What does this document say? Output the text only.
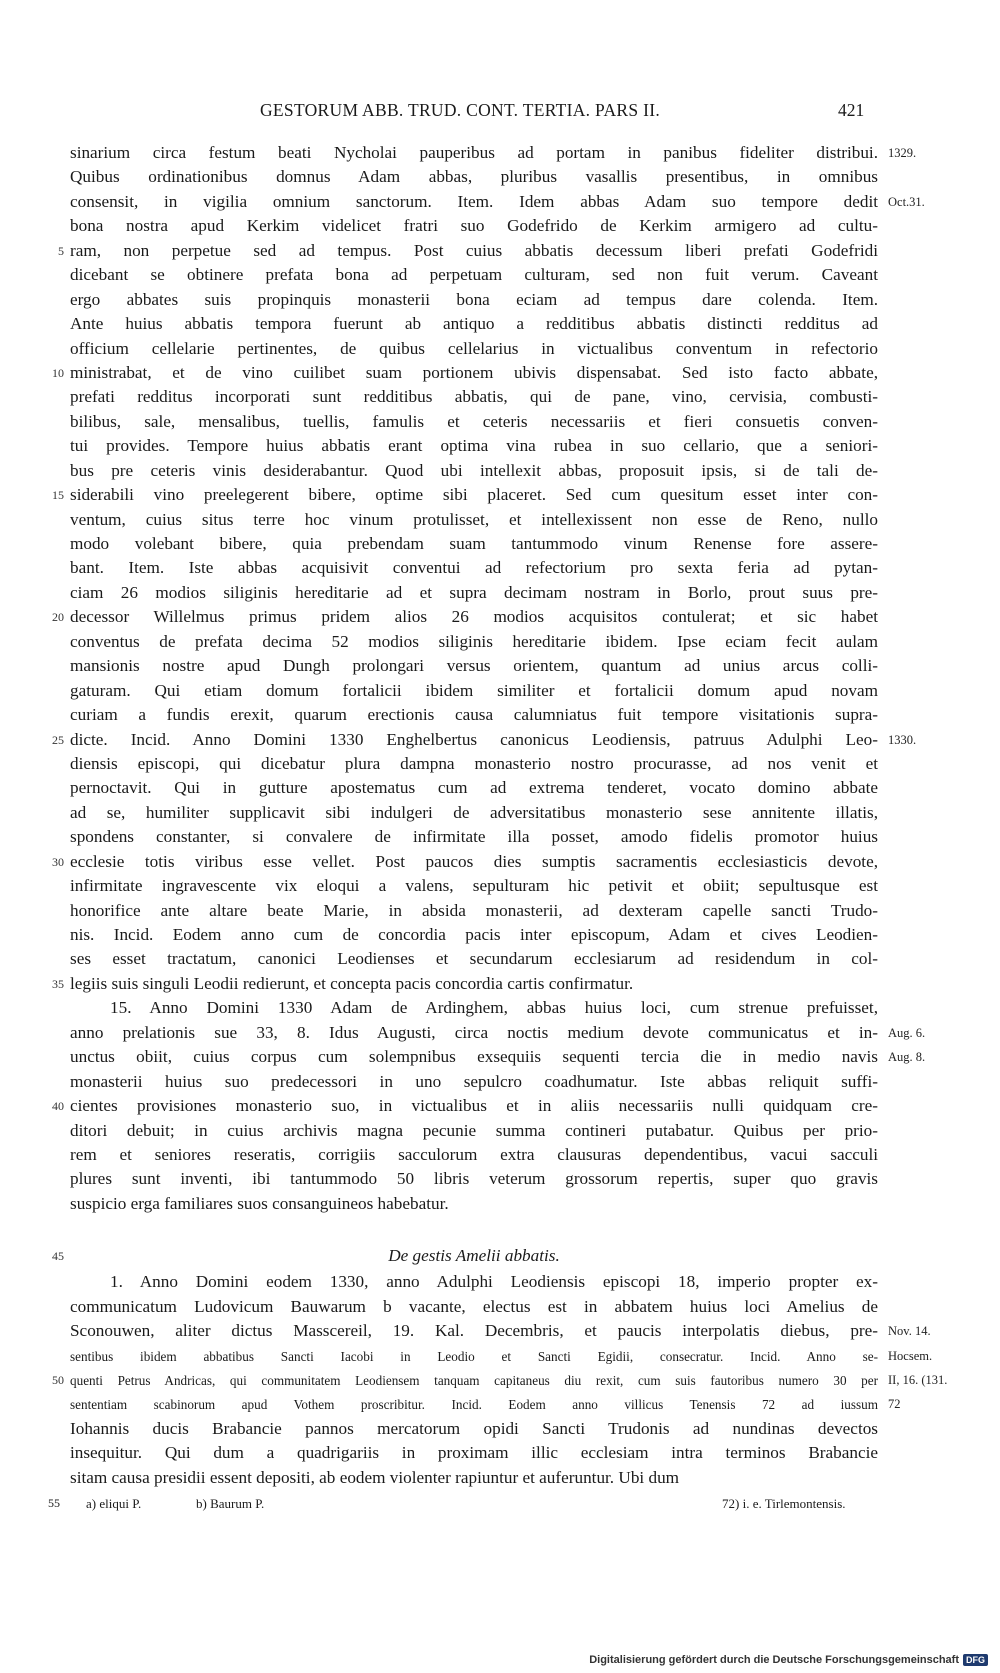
GESTORUM ABB. TRUD. CONT. TERTIA. PARS II.	421
sinarium circa festum beati Nycholai pauperibus ad portam in panibus fideliter distribui. 1329.
Quibus ordinationibus domnus Adam abbas, pluribus vasallis presentibus, in omnibus
consensit, in vigilia omnium sanctorum. Item. Idem abbas Adam suo tempore dedit Oct.31.
bona nostra apud Kerkim videlicet fratri suo Godefrido de Kerkim armigero ad cultu-
5 ram, non perpetue sed ad tempus. Post cuius abbatis decessum liberi prefati Godefridi
dicebant se obtinere prefata bona ad perpetuam culturam, sed non fuit verum. Caveant
ergo abbates suis propinquis monasterii bona eciam ad tempus dare colenda. Item.
Ante huius abbatis tempora fuerunt ab antiquo a redditibus abbatis distincti redditus ad
officium cellelarie pertinentes, de quibus cellelarius in victualibus conventum in refectorio
10 ministrabat, et de vino cuilibet suam portionem ubivis dispensabat. Sed isto facto abbate,
prefati redditus incorporati sunt redditibus abbatis, qui de pane, vino, cervisia, combusti-
bilibus, sale, mensalibus, tuellis, famulis et ceteris necessariis et fieri consuetis conven-
tui provides. Tempore huius abbatis erant optima vina rubea in suo cellario, que a seniori-
bus pre ceteris vinis desiderabantur. Quod ubi intellexit abbas, proposuit ipsis, si de tali de-
15 siderabili vino preelegerent bibere, optime sibi placeret. Sed cum quesitum esset inter con-
ventum, cuius situs terre hoc vinum protulisset, et intellexissent non esse de Reno, nullo
modo volebant bibere, quia prebendam suam tantummodo vinum Renense fore assere-
bant. Item. Iste abbas acquisivit conventui ad refectorium pro sexta feria ad pytan-
ciam 26 modios siliginis hereditarie ad et supra decimam nostram in Borlo, prout suus pre-
20 decessor Willelmus primus pridem alios 26 modios acquisitos contulerat; et sic habet
conventus de prefata decima 52 modios siliginis hereditarie ibidem. Ipse eciam fecit aulam
mansionis nostre apud Dungh prolongari versus orientem, quantum ad unius arcus colli-
gaturam. Qui etiam domum fortalicii ibidem similiter et fortalicii domum apud novam
curiam a fundis erexit, quarum erectionis causa calumniatus fuit tempore visitationis supra-
25 dicte. Incid. Anno Domini 1330 Enghelbertus canonicus Leodiensis, patruus Adulphi Leo- 1330.
diensis episcopi, qui dicebatur plura dampna monasterio nostro procurasse, ad nos venit et
pernoctavit. Qui in gutture apostematus cum ad extrema tenderet, vocato domino abbate
ad se, humiliter supplicavit sibi indulgeri de adversitatibus monasterio sese annitente illatis,
spondens constanter, si convalere de infirmitate illa posset, amodo fidelis promotor huius
30 ecclesie totis viribus esse vellet. Post paucos dies sumptis sacramentis ecclesiasticis devote,
infirmitate ingravescente vix eloqui a valens, sepulturam hic petivit et obiit; sepultusque est
honorifice ante altare beate Marie, in absida monasterii, ad dexteram capelle sancti Trudo-
nis. Incid. Eodem anno cum de concordia pacis inter episcopum, Adam et cives Leodien-
ses esset tractatum, canonici Leodienses et secundarum ecclesiarum ad residendum in col-
35 legiis suis singuli Leodii redierunt, et concepta pacis concordia cartis confirmatur.
15. Anno Domini 1330 Adam de Ardinghem, abbas huius loci, cum strenue prefuisset,
anno prelationis sue 33, 8. Idus Augusti, circa noctis medium devote communicatus et in- Aug. 6.
unctus obiit, cuius corpus cum solempnibus exsequiis sequenti tercia die in medio navis Aug. 8.
monasterii huius suo predecessori in uno sepulcro coadhumatur. Iste abbas reliquit suffi-
40 cientes provisiones monasterio suo, in victualibus et in aliis necessariis nulli quidquam cre-
ditori debuit; in cuius archivis magna pecunie summa contineri putabatur. Quibus per prio-
rem et seniores reseratis, corrigiis sacculorum extra clausuras dependentibus, vacui sacculi
plures sunt inventi, ibi tantummodo 50 libris veterum grossorum repertis, super quo gravis
suspicio erga familiares suos consanguineos habebatur.
45	De gestis Amelii abbatis.
1. Anno Domini eodem 1330, anno Adulphi Leodiensis episcopi 18, imperio propter ex-
communicatum Ludovicum Bauwarum b vacante, electus est in abbatem huius loci Amelius de
Sconouwen, aliter dictus Masscereil, 19. Kal. Decembris, et paucis interpolatis diebus, pre- Nov. 14.
sentibus ibidem abbatibus Sancti Iacobi in Leodio et Sancti Egidii, consecratur. Incid. Anno se- Hocsem.
50 quenti Petrus Andricas, qui communitatem Leodiensem tanquam capitaneus diu rexit, cum suis fautoribus numero 30 per II, 16. (131.
sententiam scabinorum apud Vothem proscribitur. Incid. Eodem anno villicus Tenensis 72 ad iussum 72
Iohannis ducis Brabancie pannos mercatorum opidi Sancti Trudonis ad nundinas devectos
insequitur. Qui dum a quadrigariis in proximam illic ecclesiam intra terminos Brabancie
sitam causa presidii essent depositi, ab eodem violenter rapiuntur et auferuntur. Ubi dum
55 a) eliqui P.	b) Baurum P.	72) i. e. Tirlemontensis.
Digitalisierung gefördert durch die Deutsche Forschungsgemeinschaft DFG
